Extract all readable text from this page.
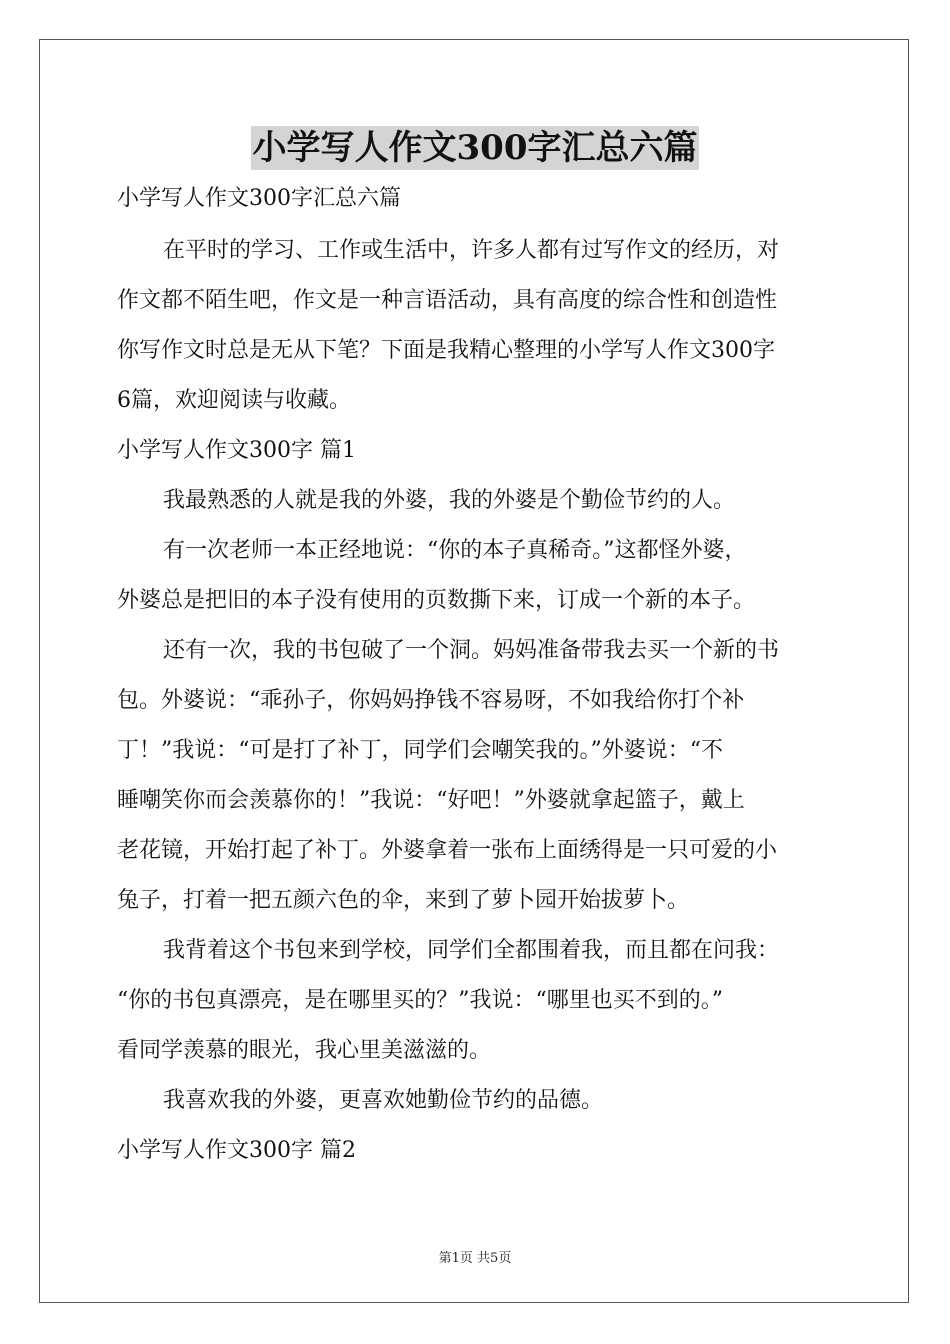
小学写人作文300字汇总六篇
小学写人作文300字汇总六篇
在平时的学习、工作或生活中，许多人都有过写作文的经历，对
作文都不陌生吧，作文是一种言语活动，具有高度的综合性和创造性
你写作文时总是无从下笔？下面是我精心整理的小学写人作文300字
6篇，欢迎阅读与收藏。
小学写人作文300字 篇1
我最熟悉的人就是我的外婆，我的外婆是个勤俭节约的人。
有一次老师一本正经地说：“你的本子真稀奇。”这都怪外婆，
外婆总是把旧的本子没有使用的页数撕下来，订成一个新的本子。
还有一次，我的书包破了一个洞。妈妈准备带我去买一个新的书
包。外婆说：“乖孙子，你妈妈挣钱不容易呀，不如我给你打个补
丁！”我说：“可是打了补丁，同学们会嘲笑我的。”外婆说：“不
睡嘲笑你而会羡慕你的！”我说：“好吧！”外婆就拿起篮子，戴上
老花镜，开始打起了补丁。外婆拿着一张布上面绣得是一只可爱的小
兔子，打着一把五颜六色的伞，来到了萝卜园开始拔萝卜。
我背着这个书包来到学校，同学们全都围着我，而且都在问我：
“你的书包真漂亮，是在哪里买的？”我说：“哪里也买不到的。”
看同学羡慕的眼光，我心里美滋滋的。
我喜欢我的外婆，更喜欢她勤俭节约的品德。
小学写人作文300字 篇2
第1页 共5页
